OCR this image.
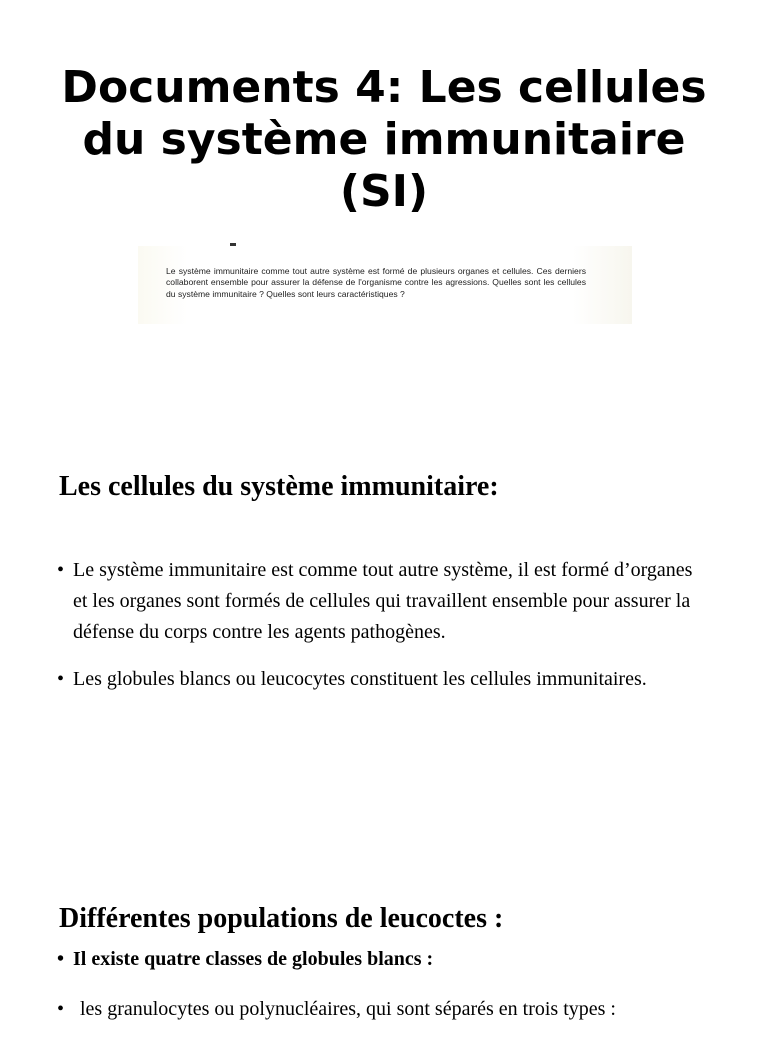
Documents 4: Les cellules du système immunitaire (SI)

Le système immunitaire comme tout autre système est formé de plusieurs organes et cellules. Ces derniers collaborent ensemble pour assurer la défense de l'organisme contre les agressions. Quelles sont les cellules du système immunitaire ? Quelles sont leurs caractéristiques ?

Les cellules du système immunitaire:
• Le système immunitaire est comme tout autre système, il est formé d’organes et les organes sont formés de cellules qui travaillent ensemble pour assurer la défense du corps contre les agents pathogènes.
• Les globules blancs ou leucocytes constituent les cellules immunitaires.
Différentes populations de leucoctes :
• Il existe quatre classes de globules blancs :
• les granulocytes ou polynucléaires, qui sont séparés en trois types :
